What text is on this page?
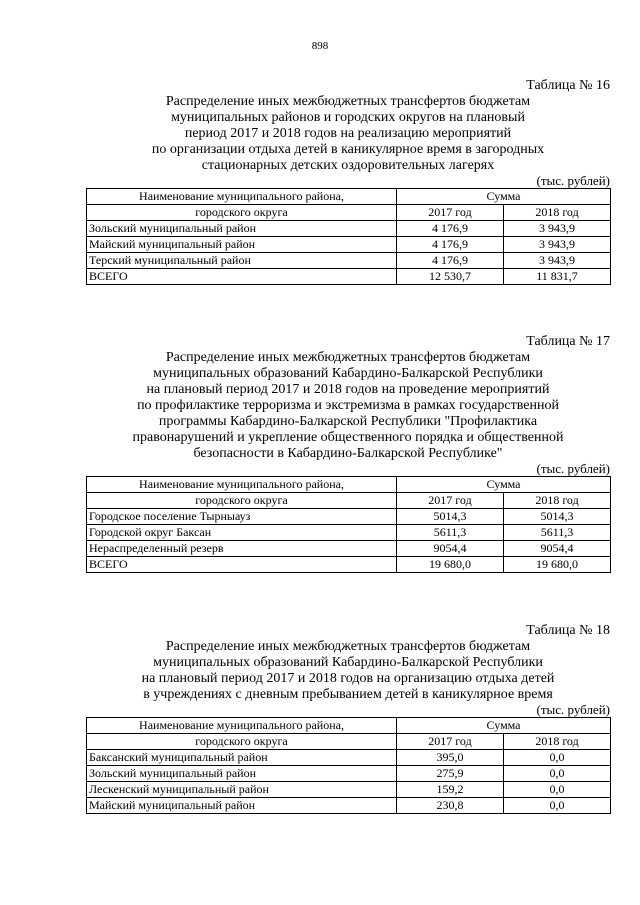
898
Таблица № 16
Распределение иных межбюджетных трансфертов бюджетам
муниципальных районов и городских округов на плановый
период 2017 и 2018 годов на реализацию мероприятий
по организации отдыха детей в каникулярное время в загородных
стационарных детских оздоровительных лагерях
(тыс. рублей)
Наименование муниципального района,	Сумма	
городского округа	2017 год	2018 год
Зольский муниципальный район	4 176,9	3 943,9
Майский муниципальный район	4 176,9	3 943,9
Терский муниципальный район	4 176,9	3 943,9
ВСЕГО	12 530,7	11 831,7
Таблица № 17
Распределение иных межбюджетных трансфертов бюджетам
муниципальных образований Кабардино-Балкарской Республики
на плановый период 2017 и 2018 годов на проведение мероприятий
по профилактике терроризма и экстремизма в рамках государственной
программы Кабардино-Балкарской Республики "Профилактика
правонарушений и укрепление общественного порядка и общественной
безопасности в Кабардино-Балкарской Республике"
(тыс. рублей)
Наименование муниципального района,	Сумма	
городского округа	2017 год	2018 год
Городское поселение Тырныауз	5014,3	5014,3
Городской округ Баксан	5611,3	5611,3
Нераспределенный резерв	9054,4	9054,4
ВСЕГО	19 680,0	19 680,0
Таблица № 18
Распределение иных межбюджетных трансфертов бюджетам
муниципальных образований Кабардино-Балкарской Республики
на плановый период 2017 и 2018 годов на организацию отдыха детей
в учреждениях с дневным пребыванием детей в каникулярное время
(тыс. рублей)
Наименование муниципального района,	Сумма	
городского округа	2017 год	2018 год
Баксанский муниципальный район	395,0	0,0
Зольский муниципальный район	275,9	0,0
Лескенский муниципальный район	159,2	0,0
Майский муниципальный район	230,8	0,0
